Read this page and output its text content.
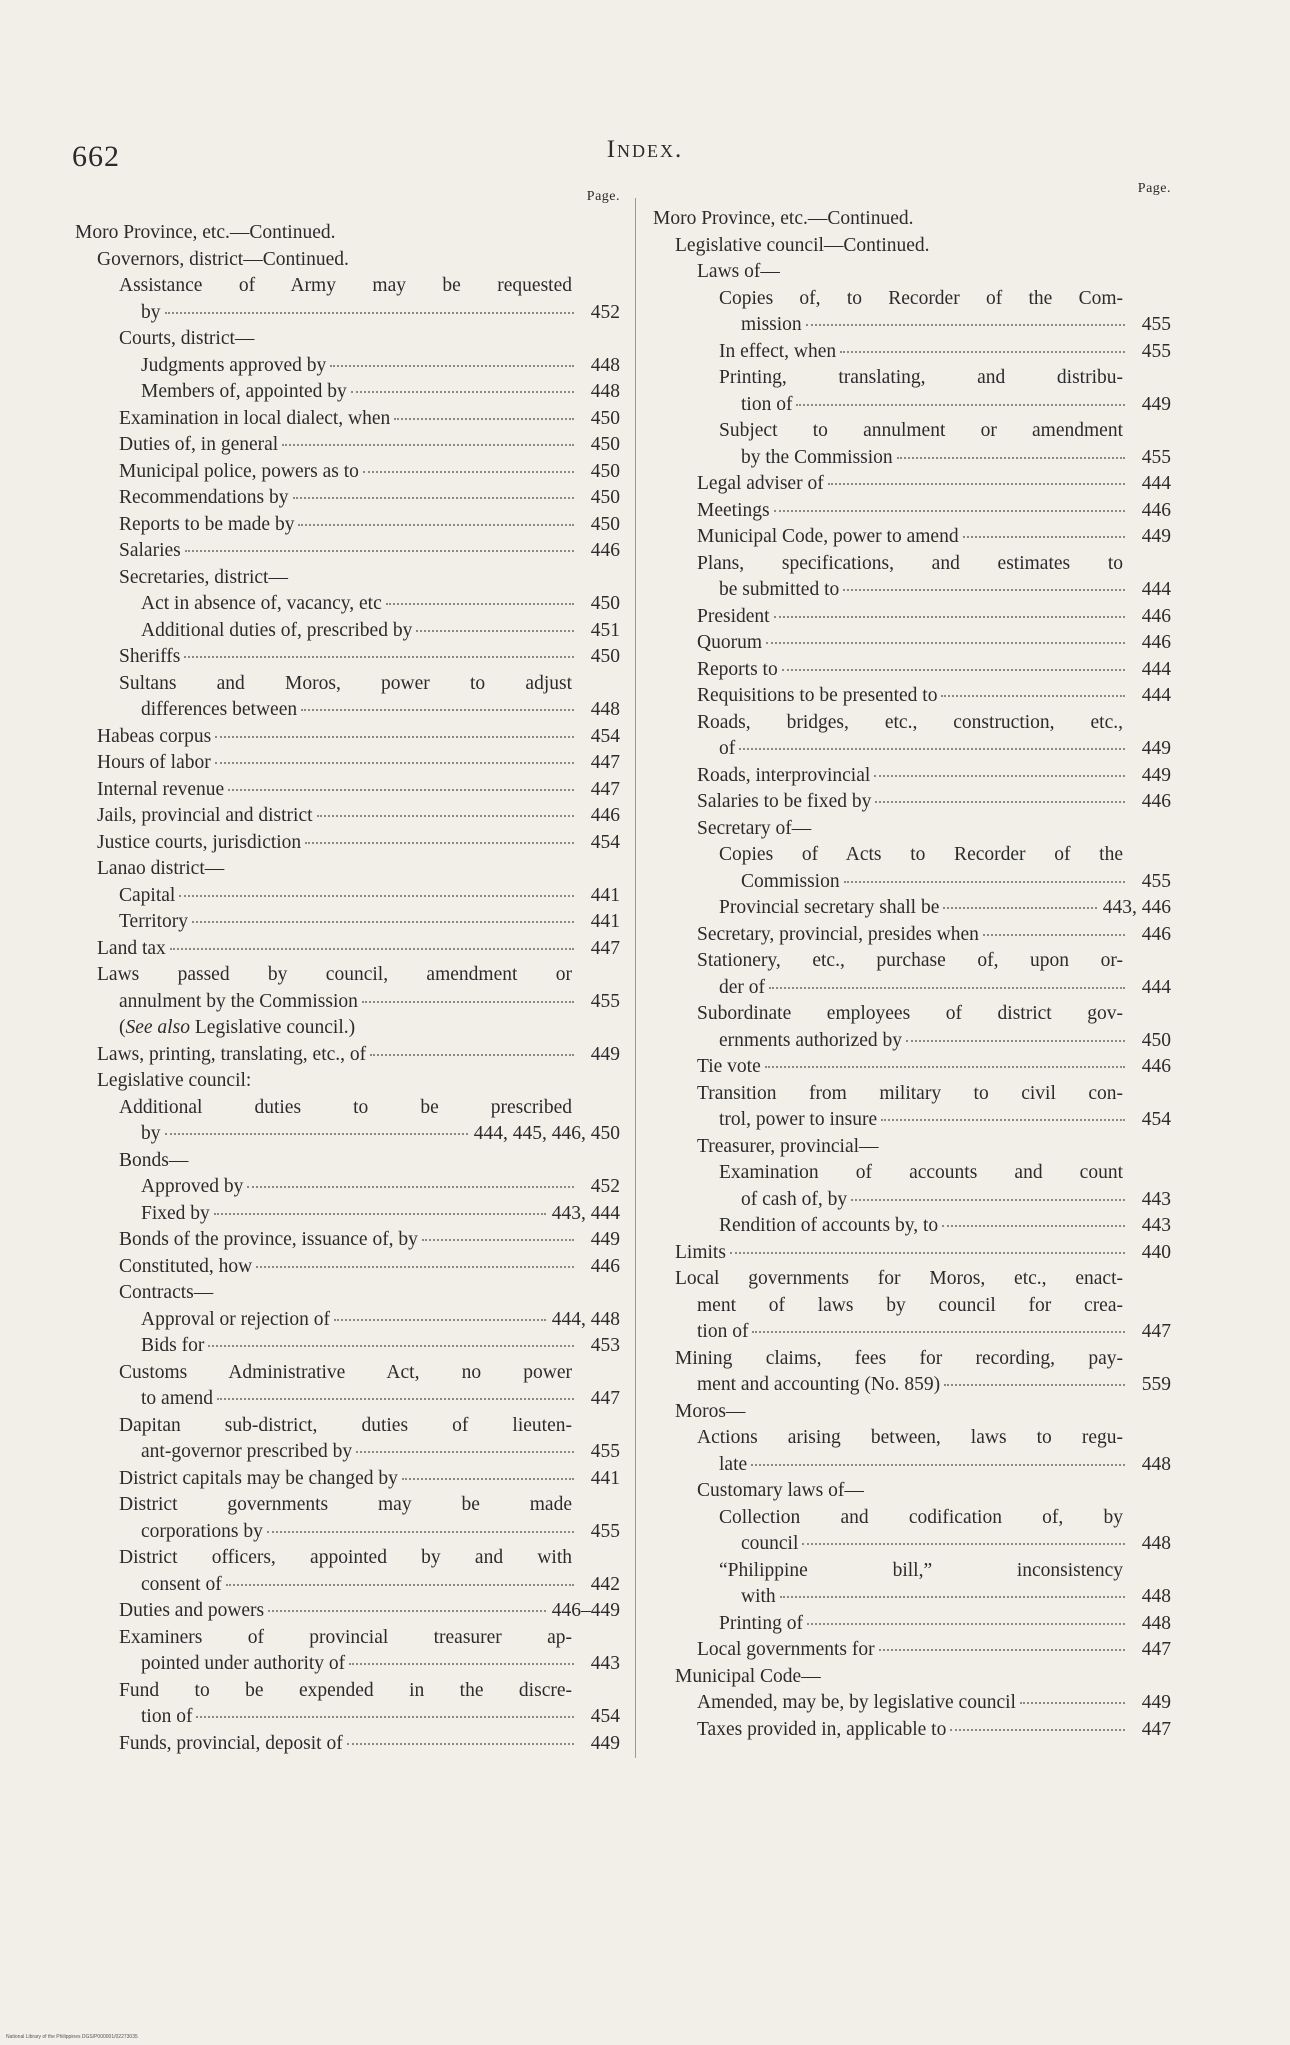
662	Index.
Page.
Moro Province, etc.—Continued.
Governors, district—Continued.
Assistance of Army may be requested
by	452
Courts, district—
Judgments approved by	448
Members of, appointed by	448
Examination in local dialect, when	450
Duties of, in general	450
Municipal police, powers as to	450
Recommendations by	450
Reports to be made by	450
Salaries	446
Secretaries, district—
Act in absence of, vacancy, etc	450
Additional duties of, prescribed by	451
Sheriffs	450
Sultans and Moros, power to adjust
differences between	448
Habeas corpus	454
Hours of labor	447
Internal revenue	447
Jails, provincial and district	446
Justice courts, jurisdiction	454
Lanao district—
Capital	441
Territory	441
Land tax	447
Laws passed by council, amendment or
annulment by the Commission	455
(See also Legislative council.)
Laws, printing, translating, etc., of	449
Legislative council:
Additional duties to be prescribed
by	444, 445, 446, 450
Bonds—
Approved by	452
Fixed by	443, 444
Bonds of the province, issuance of, by	449
Constituted, how	446
Contracts—
Approval or rejection of	444, 448
Bids for	453
Customs Administrative Act, no power
to amend	447
Dapitan sub-district, duties of lieuten-
ant-governor prescribed by	455
District capitals may be changed by	441
District governments may be made
corporations by	455
District officers, appointed by and with
consent of	442
Duties and powers	446–449
Examiners of provincial treasurer ap-
pointed under authority of	443
Fund to be expended in the discre-
tion of	454
Funds, provincial, deposit of	449
Page.
Moro Province, etc.—Continued.
Legislative council—Continued.
Laws of—
Copies of, to Recorder of the Com-
mission	455
In effect, when	455
Printing, translating, and distribu-
tion of	449
Subject to annulment or amendment
by the Commission	455
Legal adviser of	444
Meetings	446
Municipal Code, power to amend	449
Plans, specifications, and estimates to
be submitted to	444
President	446
Quorum	446
Reports to	444
Requisitions to be presented to	444
Roads, bridges, etc., construction, etc.,
of	449
Roads, interprovincial	449
Salaries to be fixed by	446
Secretary of—
Copies of Acts to Recorder of the
Commission	455
Provincial secretary shall be	443, 446
Secretary, provincial, presides when	446
Stationery, etc., purchase of, upon or-
der of	444
Subordinate employees of district gov-
ernments authorized by	450
Tie vote	446
Transition from military to civil con-
trol, power to insure	454
Treasurer, provincial—
Examination of accounts and count
of cash of, by	443
Rendition of accounts by, to	443
Limits	440
Local governments for Moros, etc., enact-
ment of laws by council for crea-
tion of	447
Mining claims, fees for recording, pay-
ment and accounting (No. 859)	559
Moros—
Actions arising between, laws to regu-
late	448
Customary laws of—
Collection and codification of, by
council	448
“Philippine bill,” inconsistency
with	448
Printing of	448
Local governments for	447
Municipal Code—
Amended, may be, by legislative council	449
Taxes provided in, applicable to	447
National Library of the Philippines DGS/P000001/02273035
